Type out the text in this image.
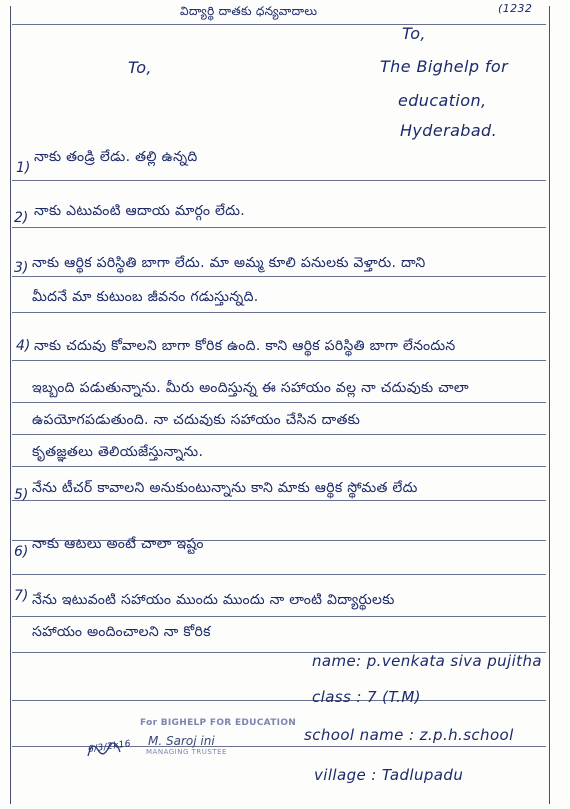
విద్యార్థి దాతకు ధన్యవాదాలు	(1232
To,
The Bighelp for
education,
Hyderabad.
To,
1)
నాకు తండ్రి లేడు. తల్లి ఉన్నది
2) నాకు ఎటువంటి ఆదాయ మార్గం లేదు.
3) నాకు ఆర్థిక పరిస్థితి బాగా లేదు. మా అమ్మ కూలి పనులకు వెళ్తారు. దాని
మీదనే మా కుటుంబ జీవనం గడుస్తున్నది.
4) నాకు చదువు కోవాలని బాగా కోరిక ఉంది. కాని ఆర్థిక పరిస్థితి బాగా లేనందున
ఇబ్బంది పడుతున్నాను. మీరు అందిస్తున్న ఈ సహాయం వల్ల నా చదువుకు చాలా
ఉపయోగపడుతుంది. నా చదువుకు సహాయం చేసిన దాతకు
కృతజ్ఞతలు తెలియజేస్తున్నాను.
5) నేను టీచర్ కావాలని అనుకుంటున్నాను కాని మాకు ఆర్థిక స్థోమత లేదు
6) నాకు ఆటలు అంటే చాలా ఇష్టం
7) నేను ఇటువంటి సహాయం ముందు ముందు నా లాంటి విద్యార్థులకు
సహాయం అందించాలని నా కోరిక
name: p.venkata siva pujitha
class : 7 (T.M)
school name : z.p.h.school
village : Tadlupadu
6/3/2k16
For BIGHELP FOR EDUCATION
M. Saroj ini
MANAGING TRUSTEE
